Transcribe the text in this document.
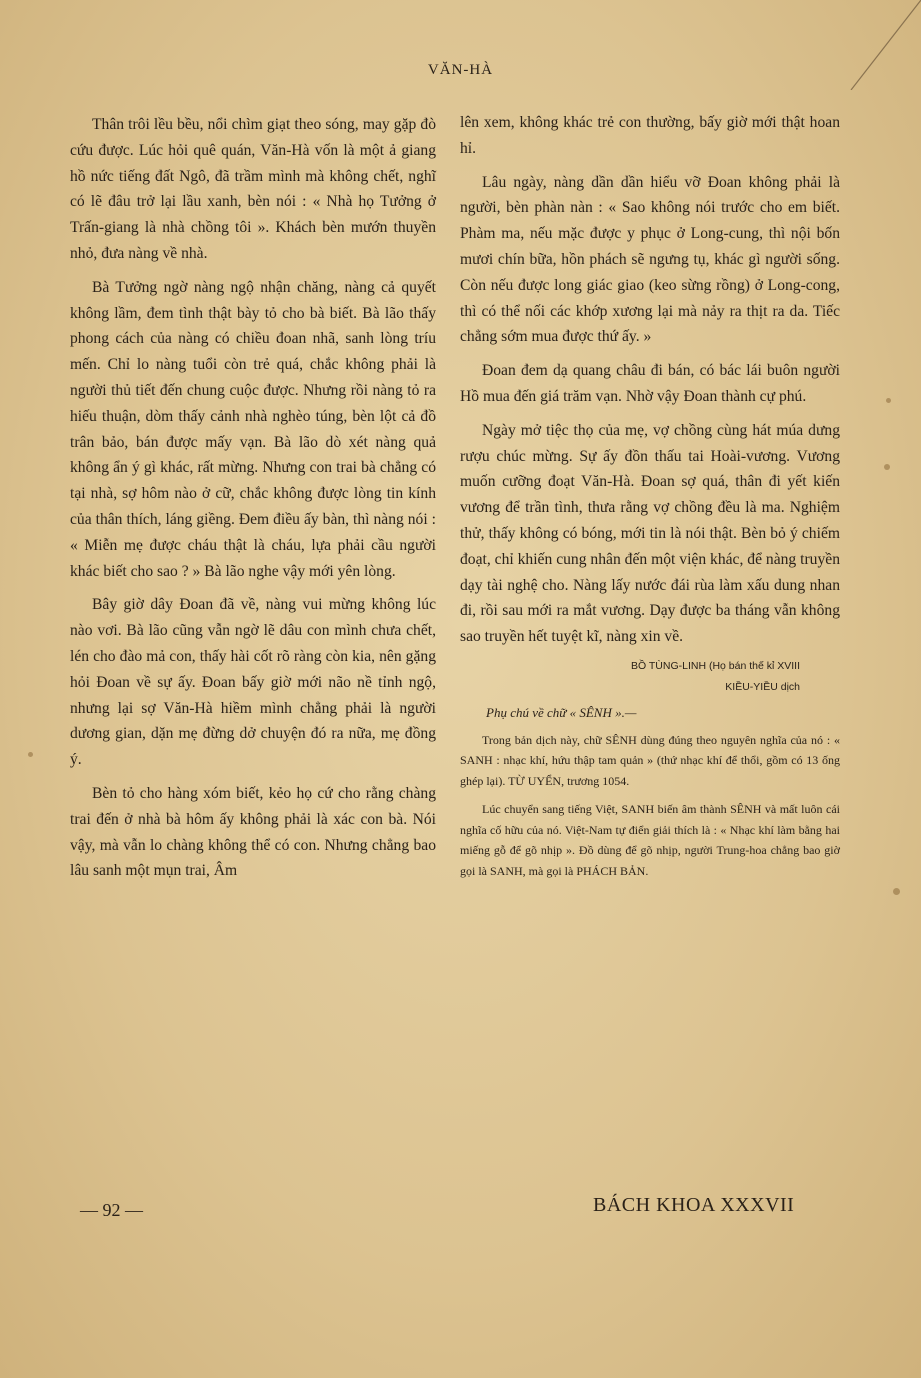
VĂN-HÀ

Thân trôi lều bều, nổi chìm giạt theo sóng, may gặp đò cứu được. Lúc hỏi quê quán, Văn-Hà vốn là một ả giang hồ nức tiếng đất Ngô, đã trầm mình mà không chết, nghĩ có lẽ đâu trở lại lầu xanh, bèn nói : « Nhà họ Tưởng ở Trấn-giang là nhà chồng tôi ». Khách bèn mướn thuyền nhỏ, đưa nàng về nhà.

Bà Tưởng ngờ nàng ngộ nhận chăng, nàng cả quyết không lầm, đem tình thật bày tỏ cho bà biết. Bà lão thấy phong cách của nàng có chiều đoan nhã, sanh lòng tríu mến. Chỉ lo nàng tuổi còn trẻ quá, chắc không phải là người thủ tiết đến chung cuộc được. Nhưng rồi nàng tỏ ra hiếu thuận, dòm thấy cảnh nhà nghèo túng, bèn lột cả đồ trân bảo, bán được mấy vạn. Bà lão dò xét nàng quả không ẩn ý gì khác, rất mừng. Nhưng con trai bà chẳng có tại nhà, sợ hôm nào ở cữ, chắc không được lòng tin kính của thân thích, láng giềng. Đem điều ấy bàn, thì nàng nói : « Miễn mẹ được cháu thật là cháu, lựa phải cầu người khác biết cho sao ? » Bà lão nghe vậy mới yên lòng.

Bây giờ dây Đoan đã về, nàng vui mừng không lúc nào vơi. Bà lão cũng vẫn ngờ lẽ dâu con mình chưa chết, lén cho đào mả con, thấy hài cốt rõ ràng còn kia, nên gặng hỏi Đoan về sự ấy. Đoan bấy giờ mới não nề tỉnh ngộ, nhưng lại sợ Văn-Hà hiềm mình chẳng phải là người dương gian, dặn mẹ đừng dở chuyện đó ra nữa, mẹ đồng ý.

Bèn tỏ cho hàng xóm biết, kẻo họ cứ cho rằng chàng trai đến ở nhà bà hôm ấy không phải là xác con bà. Nói vậy, mà vẫn lo chàng không thể có con. Nhưng chẳng bao lâu sanh một mụn trai, Âm

lên xem, không khác trẻ con thường, bấy giờ mới thật hoan hỉ.

Lâu ngày, nàng dần dần hiểu vỡ Đoan không phải là người, bèn phàn nàn : « Sao không nói trước cho em biết. Phàm ma, nếu mặc được y phục ở Long-cung, thì nội bốn mươi chín bữa, hồn phách sẽ ngưng tụ, khác gì người sống. Còn nếu được long giác giao (keo sừng rồng) ở Long-cong, thì có thể nối các khớp xương lại mà nảy ra thịt ra da. Tiếc chẳng sớm mua được thứ ấy. »

Đoan đem dạ quang châu đi bán, có bác lái buôn người Hồ mua đến giá trăm vạn. Nhờ vậy Đoan thành cự phú.

Ngày mở tiệc thọ của mẹ, vợ chồng cùng hát múa dưng rượu chúc mừng. Sự ấy đồn thấu tai Hoài-vương. Vương muốn cưỡng đoạt Văn-Hà. Đoan sợ quá, thân đi yết kiến vương để trần tình, thưa rằng vợ chồng đều là ma. Nghiệm thử, thấy không có bóng, mới tin là nói thật. Bèn bỏ ý chiếm đoạt, chỉ khiến cung nhân đến một viện khác, để nàng truyền dạy tài nghệ cho. Nàng lấy nước đái rùa làm xấu dung nhan đi, rồi sau mới ra mắt vương. Dạy được ba tháng vẫn không sao truyền hết tuyệt kĩ, nàng xin về.

BỒ TÙNG-LINH (Họ bán thế kỉ XVIII
KIỀU-YIỀU dịch
Phụ chú về chữ « SÊNH ».—

Trong bản dịch này, chữ SÊNH dùng đúng theo nguyên nghĩa của nó : « SANH : nhạc khí, hứu thập tam quản » (thứ nhạc khí để thổi, gồm có 13 ống ghép lại). TỪ UYỂN, trương 1054.

Lúc chuyển sang tiếng Việt, SANH biến âm thành SÊNH và mất luôn cái nghĩa cố hữu của nó. Việt-Nam tự điển giải thích là : « Nhạc khí làm bằng hai miếng gỗ để gõ nhịp ». Đồ dùng để gõ nhịp, người Trung-hoa chẳng bao giờ gọi là SANH, mà gọi là PHÁCH BẢN.

— 92 —	BÁCH KHOA XXXVII
